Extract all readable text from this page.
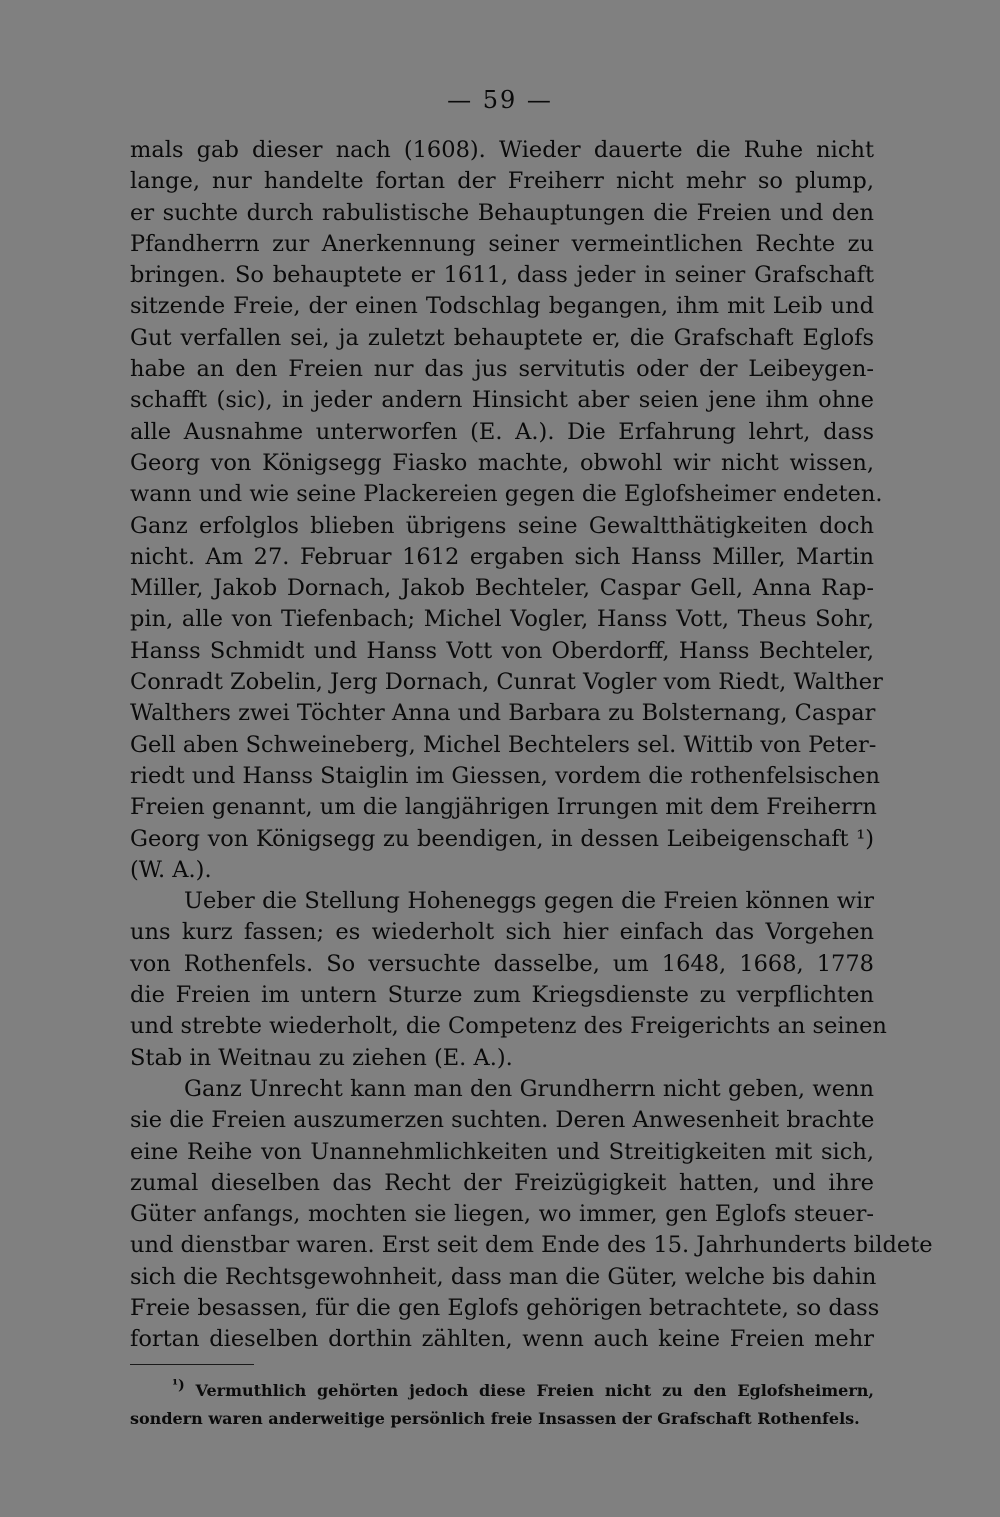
— 59 —
mals gab dieser nach (1608). Wieder dauerte die Ruhe nicht
lange, nur handelte fortan der Freiherr nicht mehr so plump,
er suchte durch rabulistische Behauptungen die Freien und den
Pfandherrn zur Anerkennung seiner vermeintlichen Rechte zu
bringen. So behauptete er 1611, dass jeder in seiner Grafschaft
sitzende Freie, der einen Todschlag begangen, ihm mit Leib und
Gut verfallen sei, ja zuletzt behauptete er, die Grafschaft Eglofs
habe an den Freien nur das jus servitutis oder der Leibeygen-
schafft (sic), in jeder andern Hinsicht aber seien jene ihm ohne
alle Ausnahme unterworfen (E. A.). Die Erfahrung lehrt, dass
Georg von Königsegg Fiasko machte, obwohl wir nicht wissen,
wann und wie seine Plackereien gegen die Eglofsheimer endeten.
Ganz erfolglos blieben übrigens seine Gewaltthätigkeiten doch
nicht. Am 27. Februar 1612 ergaben sich Hanss Miller, Martin
Miller, Jakob Dornach, Jakob Bechteler, Caspar Gell, Anna Rap-
pin, alle von Tiefenbach; Michel Vogler, Hanss Vott, Theus Sohr,
Hanss Schmidt und Hanss Vott von Oberdorff, Hanss Bechteler,
Conradt Zobelin, Jerg Dornach, Cunrat Vogler vom Riedt, Walther
Walthers zwei Töchter Anna und Barbara zu Bolsternang, Caspar
Gell aben Schweineberg, Michel Bechtelers sel. Wittib von Peter-
riedt und Hanss Staiglin im Giessen, vordem die rothenfelsischen
Freien genannt, um die langjährigen Irrungen mit dem Freiherrn
Georg von Königsegg zu beendigen, in dessen Leibeigenschaft ¹)
(W. A.).
Ueber die Stellung Hoheneggs gegen die Freien können wir
uns kurz fassen; es wiederholt sich hier einfach das Vorgehen
von Rothenfels. So versuchte dasselbe, um 1648, 1668, 1778
die Freien im untern Sturze zum Kriegsdienste zu verpflichten
und strebte wiederholt, die Competenz des Freigerichts an seinen
Stab in Weitnau zu ziehen (E. A.).
Ganz Unrecht kann man den Grundherrn nicht geben, wenn
sie die Freien auszumerzen suchten. Deren Anwesenheit brachte
eine Reihe von Unannehmlichkeiten und Streitigkeiten mit sich,
zumal dieselben das Recht der Freizügigkeit hatten, und ihre
Güter anfangs, mochten sie liegen, wo immer, gen Eglofs steuer-
und dienstbar waren. Erst seit dem Ende des 15. Jahrhunderts bildete
sich die Rechtsgewohnheit, dass man die Güter, welche bis dahin
Freie besassen, für die gen Eglofs gehörigen betrachtete, so dass
fortan dieselben dorthin zählten, wenn auch keine Freien mehr
$^{^1)}$ Vermuthlich gehörten jedoch diese Freien nicht zu den Eglofsheimern,
sondern waren anderweitige persönlich freie Insassen der Grafschaft Rothenfels.
